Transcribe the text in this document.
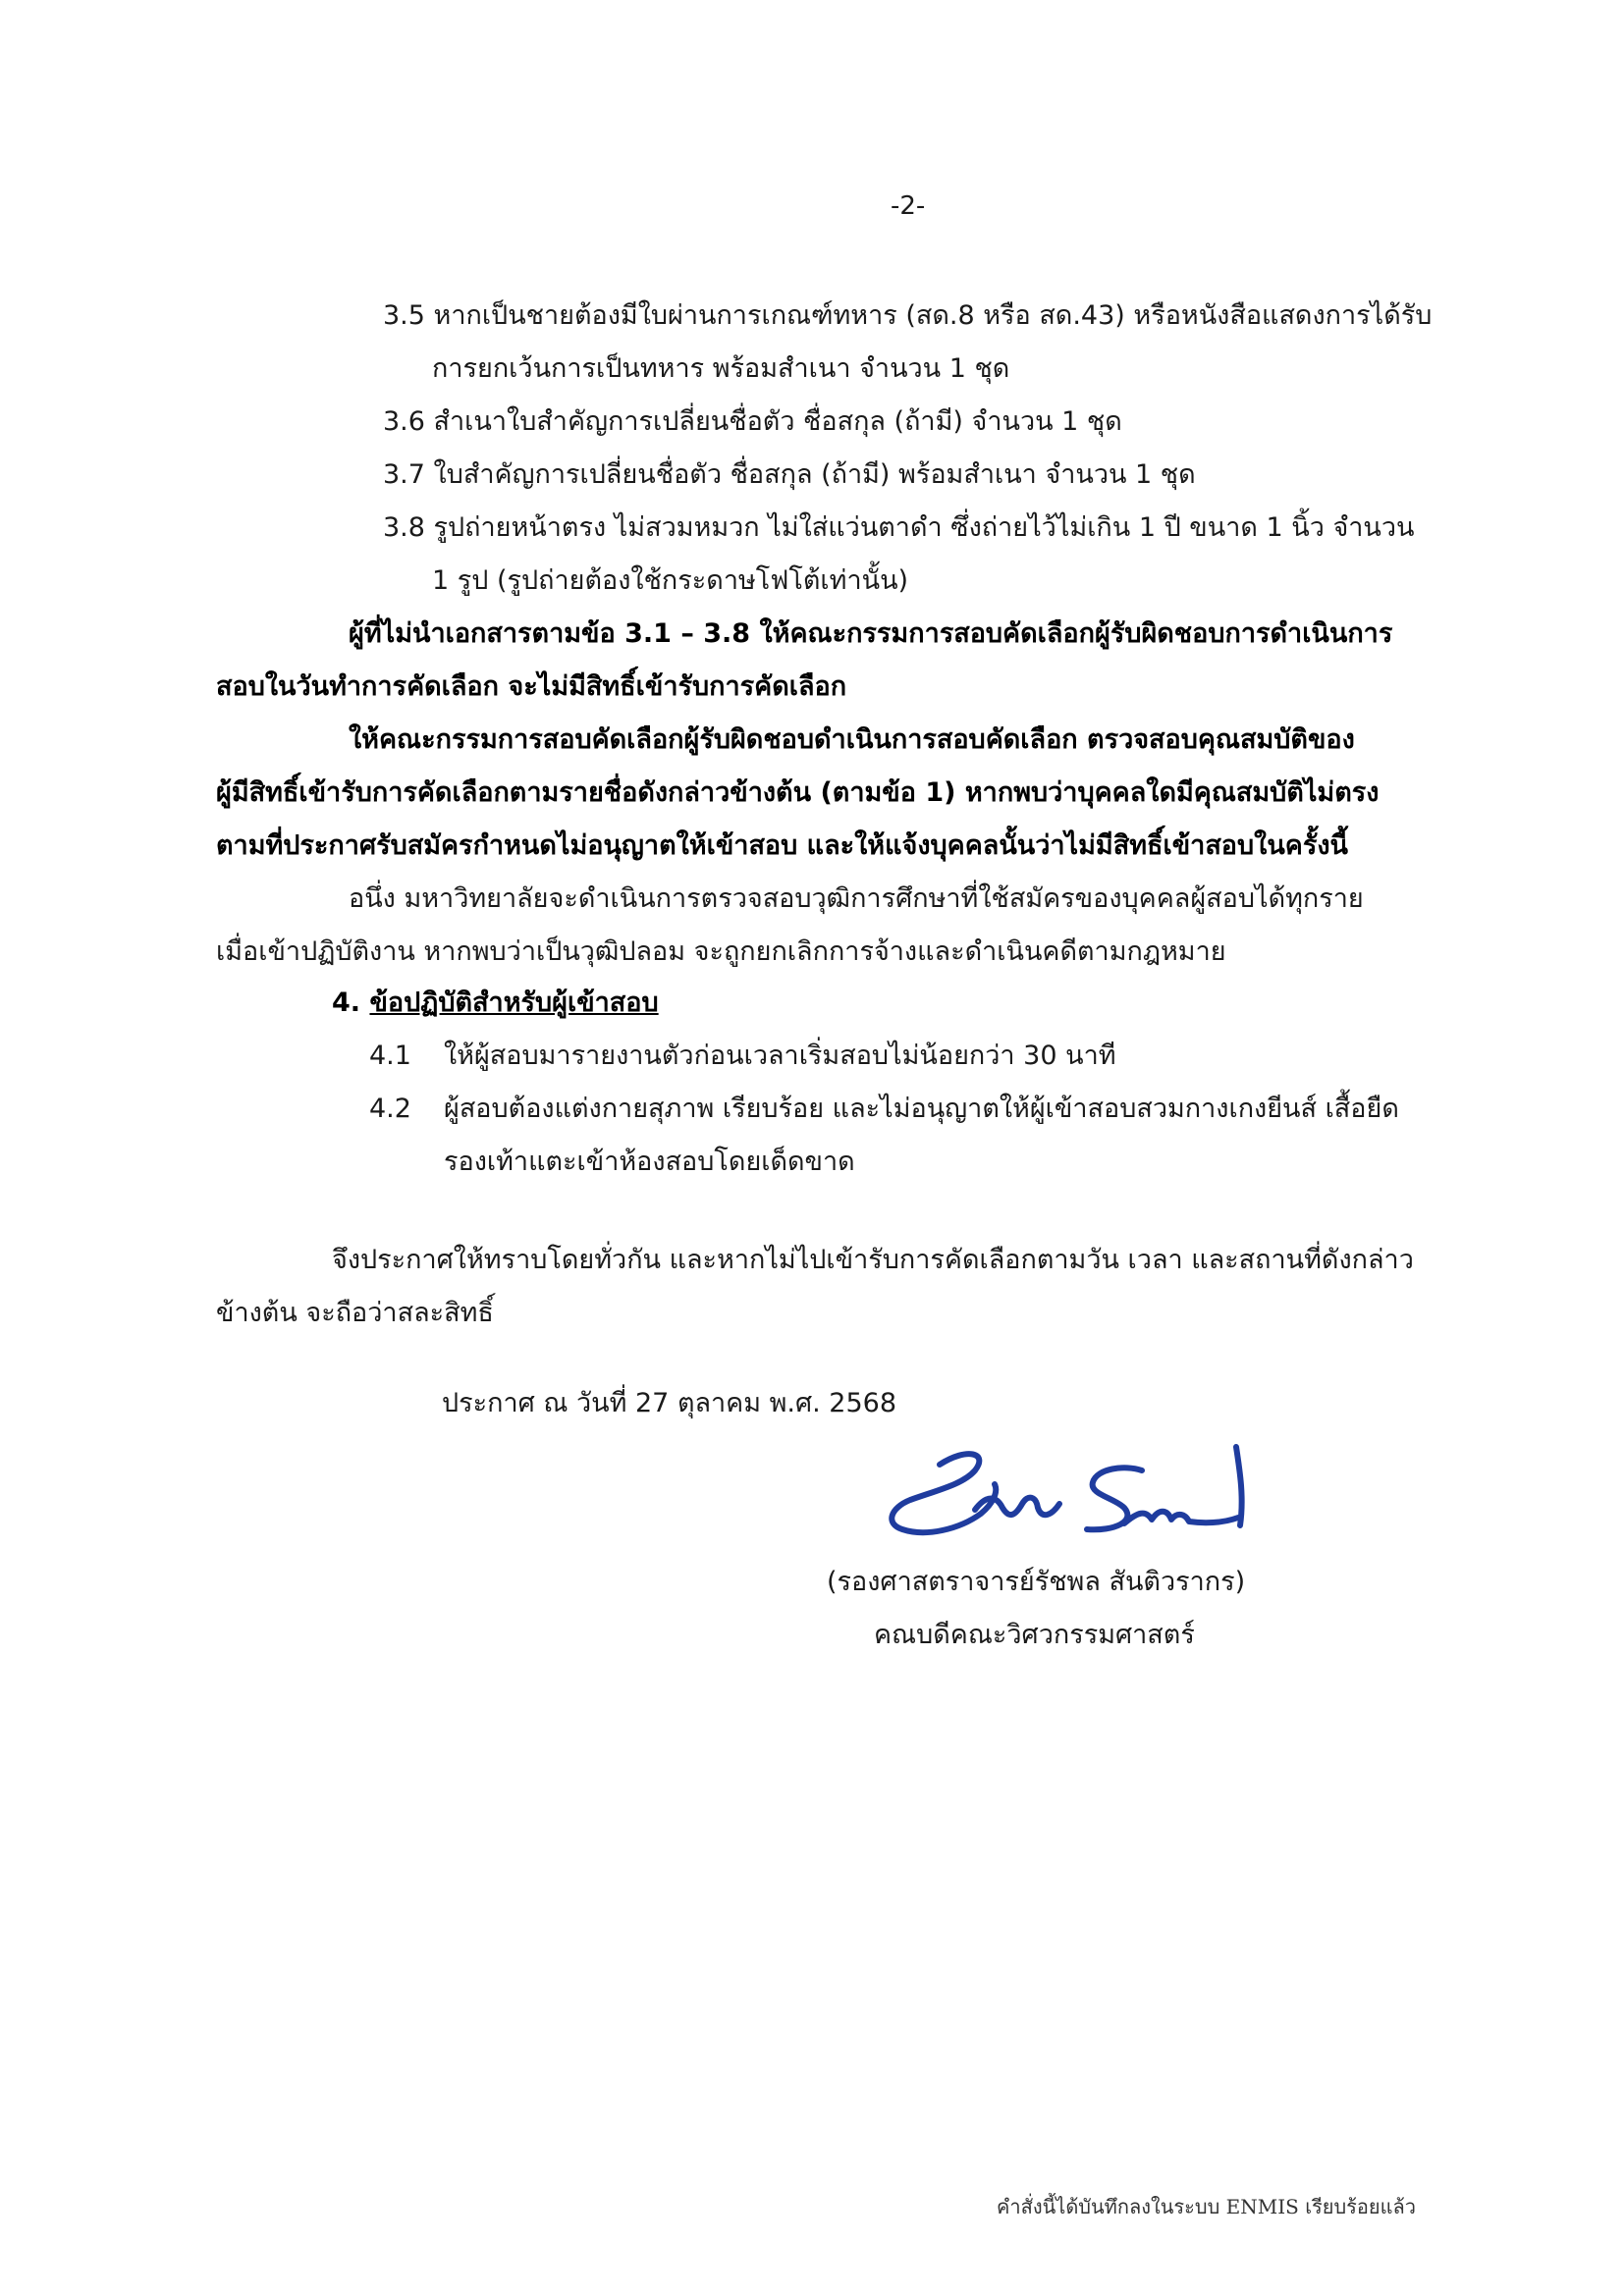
-2-
3.5 หากเป็นชายต้องมีใบผ่านการเกณฑ์ทหาร (สด.8 หรือ สด.43) หรือหนังสือแสดงการได้รับ
การยกเว้นการเป็นทหาร พร้อมสำเนา จำนวน 1 ชุด
3.6 สำเนาใบสำคัญการเปลี่ยนชื่อตัว ชื่อสกุล (ถ้ามี) จำนวน 1 ชุด
3.7 ใบสำคัญการเปลี่ยนชื่อตัว ชื่อสกุล (ถ้ามี) พร้อมสำเนา จำนวน 1 ชุด
3.8 รูปถ่ายหน้าตรง ไม่สวมหมวก ไม่ใส่แว่นตาดำ ซึ่งถ่ายไว้ไม่เกิน 1 ปี ขนาด 1 นิ้ว จำนวน
1 รูป (รูปถ่ายต้องใช้กระดาษโฟโต้เท่านั้น)
ผู้ที่ไม่นำเอกสารตามข้อ 3.1 – 3.8 ให้คณะกรรมการสอบคัดเลือกผู้รับผิดชอบการดำเนินการ
สอบในวันทำการคัดเลือก จะไม่มีสิทธิ์เข้ารับการคัดเลือก
ให้คณะกรรมการสอบคัดเลือกผู้รับผิดชอบดำเนินการสอบคัดเลือก ตรวจสอบคุณสมบัติของ
ผู้มีสิทธิ์เข้ารับการคัดเลือกตามรายชื่อดังกล่าวข้างต้น (ตามข้อ 1) หากพบว่าบุคคลใดมีคุณสมบัติไม่ตรง
ตามที่ประกาศรับสมัครกำหนดไม่อนุญาตให้เข้าสอบ และให้แจ้งบุคคลนั้นว่าไม่มีสิทธิ์เข้าสอบในครั้งนี้
อนึ่ง มหาวิทยาลัยจะดำเนินการตรวจสอบวุฒิการศึกษาที่ใช้สมัครของบุคคลผู้สอบได้ทุกราย
เมื่อเข้าปฏิบัติงาน หากพบว่าเป็นวุฒิปลอม จะถูกยกเลิกการจ้างและดำเนินคดีตามกฎหมาย
4. ข้อปฏิบัติสำหรับผู้เข้าสอบ
4.1 ให้ผู้สอบมารายงานตัวก่อนเวลาเริ่มสอบไม่น้อยกว่า 30 นาที
4.2 ผู้สอบต้องแต่งกายสุภาพ เรียบร้อย และไม่อนุญาตให้ผู้เข้าสอบสวมกางเกงยีนส์ เสื้อยืด
รองเท้าแตะเข้าห้องสอบโดยเด็ดขาด
จึงประกาศให้ทราบโดยทั่วกัน และหากไม่ไปเข้ารับการคัดเลือกตามวัน เวลา และสถานที่ดังกล่าว
ข้างต้น จะถือว่าสละสิทธิ์
ประกาศ ณ วันที่ 27 ตุลาคม พ.ศ. 2568
(รองศาสตราจารย์รัชพล สันติวรากร)
คณบดีคณะวิศวกรรมศาสตร์
คำสั่งนี้ได้บันทึกลงในระบบ ENMIS เรียบร้อยแล้ว
